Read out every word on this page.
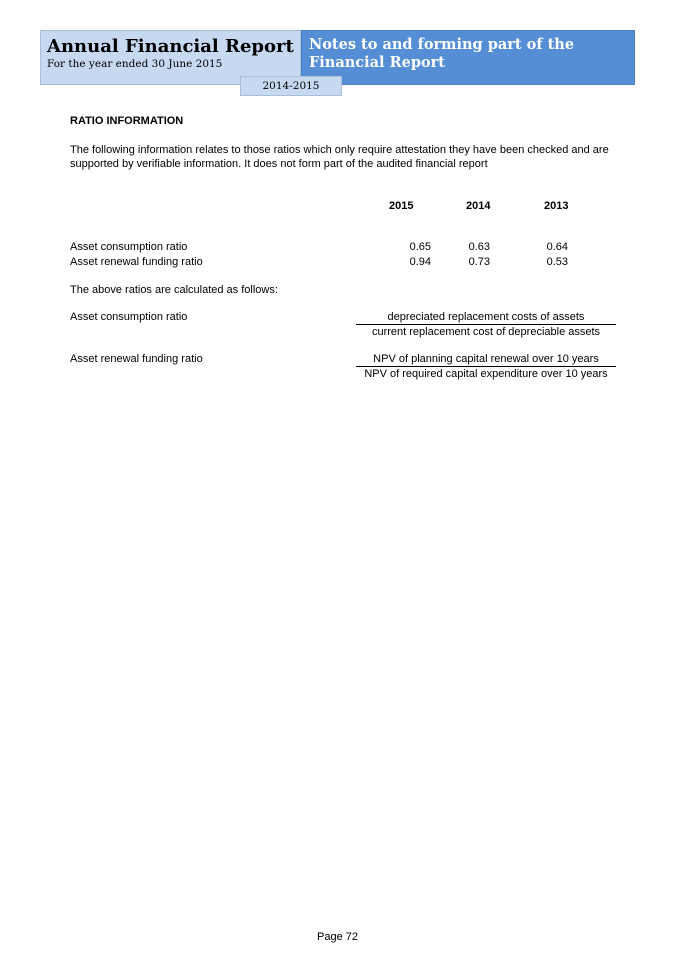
Annual Financial Report
For the year ended 30 June 2015
Notes to and forming part of the Financial Report
2014-2015
RATIO INFORMATION
The following information relates to those ratios which only require attestation they have been checked and are supported by verifiable information. It does not form part of the audited financial report
2015	2014	2013
Asset consumption ratio	0.65	0.63	0.64
Asset renewal funding ratio	0.94	0.73	0.53
The above ratios are calculated as follows:
Asset consumption ratio	depreciated replacement costs of assets
current replacement cost of depreciable assets
Asset renewal funding ratio	NPV of planning capital renewal over 10 years
NPV of required capital expenditure over 10 years
Page 72
